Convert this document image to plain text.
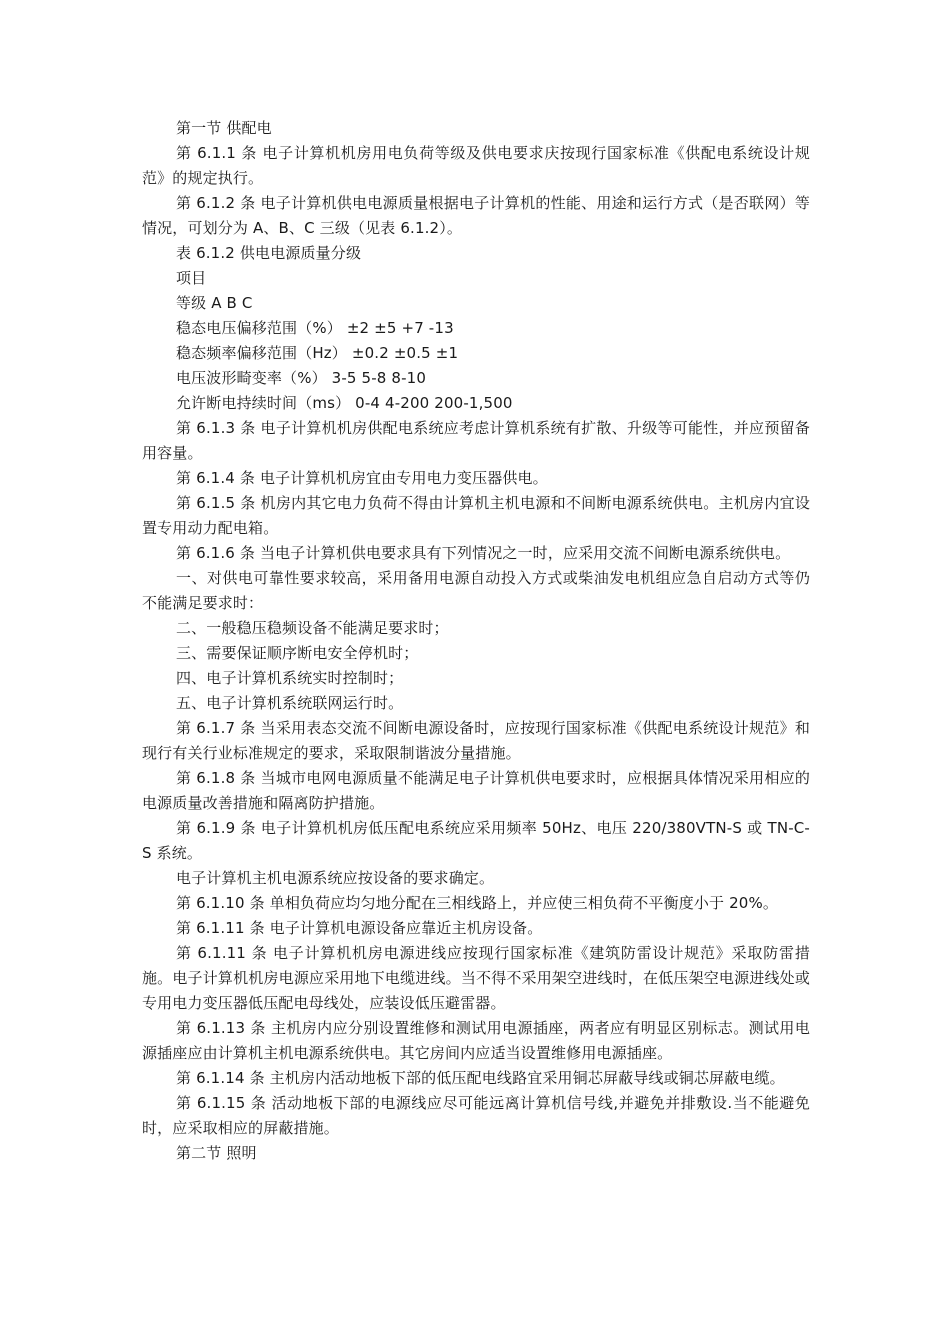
第一节 供配电

第 6.1.1 条 电子计算机机房用电负荷等级及供电要求庆按现行国家标准《供配电系统设计规范》的规定执行。

第 6.1.2 条 电子计算机供电电源质量根据电子计算机的性能、用途和运行方式（是否联网）等情况，可划分为 A、B、C 三级（见表 6.1.2）。

表 6.1.2 供电电源质量分级

项目

等级 A B C

稳态电压偏移范围（%） ±2 ±5 +7 -13

稳态频率偏移范围（Hz） ±0.2 ±0.5 ±1

电压波形畸变率（%） 3-5 5-8 8-10

允许断电持续时间（ms） 0-4 4-200 200-1,500

第 6.1.3 条 电子计算机机房供配电系统应考虑计算机系统有扩散、升级等可能性，并应预留备用容量。

第 6.1.4 条 电子计算机机房宜由专用电力变压器供电。

第 6.1.5 条 机房内其它电力负荷不得由计算机主机电源和不间断电源系统供电。主机房内宜设置专用动力配电箱。

第 6.1.6 条 当电子计算机供电要求具有下列情况之一时，应采用交流不间断电源系统供电。

一、对供电可靠性要求较高，采用备用电源自动投入方式或柴油发电机组应急自启动方式等仍不能满足要求时：

二、一般稳压稳频设备不能满足要求时；

三、需要保证顺序断电安全停机时；

四、电子计算机系统实时控制时；

五、电子计算机系统联网运行时。

第 6.1.7 条 当采用表态交流不间断电源设备时，应按现行国家标准《供配电系统设计规范》和现行有关行业标准规定的要求，采取限制谐波分量措施。

第 6.1.8 条 当城市电网电源质量不能满足电子计算机供电要求时，应根据具体情况采用相应的电源质量改善措施和隔离防护措施。

第 6.1.9 条 电子计算机机房低压配电系统应采用频率 50Hz、电压 220/380VTN-S 或 TN-C-S 系统。

电子计算机主机电源系统应按设备的要求确定。

第 6.1.10 条 单相负荷应均匀地分配在三相线路上，并应使三相负荷不平衡度小于 20%。

第 6.1.11 条 电子计算机电源设备应靠近主机房设备。

第 6.1.11 条 电子计算机机房电源进线应按现行国家标准《建筑防雷设计规范》采取防雷措施。电子计算机机房电源应采用地下电缆进线。当不得不采用架空进线时，在低压架空电源进线处或专用电力变压器低压配电母线处，应装设低压避雷器。

第 6.1.13 条 主机房内应分别设置维修和测试用电源插座，两者应有明显区别标志。测试用电源插座应由计算机主机电源系统供电。其它房间内应适当设置维修用电源插座。

第 6.1.14 条 主机房内活动地板下部的低压配电线路宜采用铜芯屏蔽导线或铜芯屏蔽电缆。

第 6.1.15 条 活动地板下部的电源线应尽可能远离计算机信号线,并避免并排敷设.当不能避免时，应采取相应的屏蔽措施。

第二节 照明
